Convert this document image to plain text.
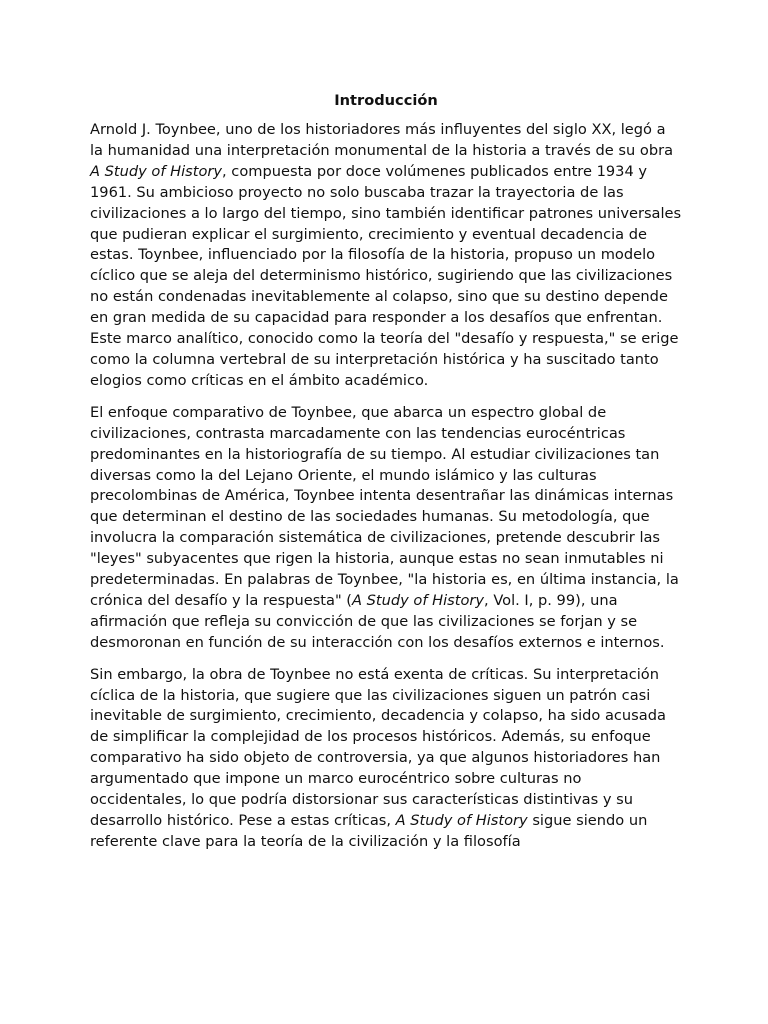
Introducción

Arnold J. Toynbee, uno de los historiadores más influyentes del siglo XX, legó a la humanidad una interpretación monumental de la historia a través de su obra A Study of History, compuesta por doce volúmenes publicados entre 1934 y 1961. Su ambicioso proyecto no solo buscaba trazar la trayectoria de las civilizaciones a lo largo del tiempo, sino también identificar patrones universales que pudieran explicar el surgimiento, crecimiento y eventual decadencia de estas. Toynbee, influenciado por la filosofía de la historia, propuso un modelo cíclico que se aleja del determinismo histórico, sugiriendo que las civilizaciones no están condenadas inevitablemente al colapso, sino que su destino depende en gran medida de su capacidad para responder a los desafíos que enfrentan. Este marco analítico, conocido como la teoría del "desafío y respuesta," se erige como la columna vertebral de su interpretación histórica y ha suscitado tanto elogios como críticas en el ámbito académico.

El enfoque comparativo de Toynbee, que abarca un espectro global de civilizaciones, contrasta marcadamente con las tendencias eurocéntricas predominantes en la historiografía de su tiempo. Al estudiar civilizaciones tan diversas como la del Lejano Oriente, el mundo islámico y las culturas precolombinas de América, Toynbee intenta desentrañar las dinámicas internas que determinan el destino de las sociedades humanas. Su metodología, que involucra la comparación sistemática de civilizaciones, pretende descubrir las "leyes" subyacentes que rigen la historia, aunque estas no sean inmutables ni predeterminadas. En palabras de Toynbee, "la historia es, en última instancia, la crónica del desafío y la respuesta" (A Study of History, Vol. I, p. 99), una afirmación que refleja su convicción de que las civilizaciones se forjan y se desmoronan en función de su interacción con los desafíos externos e internos.

Sin embargo, la obra de Toynbee no está exenta de críticas. Su interpretación cíclica de la historia, que sugiere que las civilizaciones siguen un patrón casi inevitable de surgimiento, crecimiento, decadencia y colapso, ha sido acusada de simplificar la complejidad de los procesos históricos. Además, su enfoque comparativo ha sido objeto de controversia, ya que algunos historiadores han argumentado que impone un marco eurocéntrico sobre culturas no occidentales, lo que podría distorsionar sus características distintivas y su desarrollo histórico. Pese a estas críticas, A Study of History sigue siendo un referente clave para la teoría de la civilización y la filosofía
